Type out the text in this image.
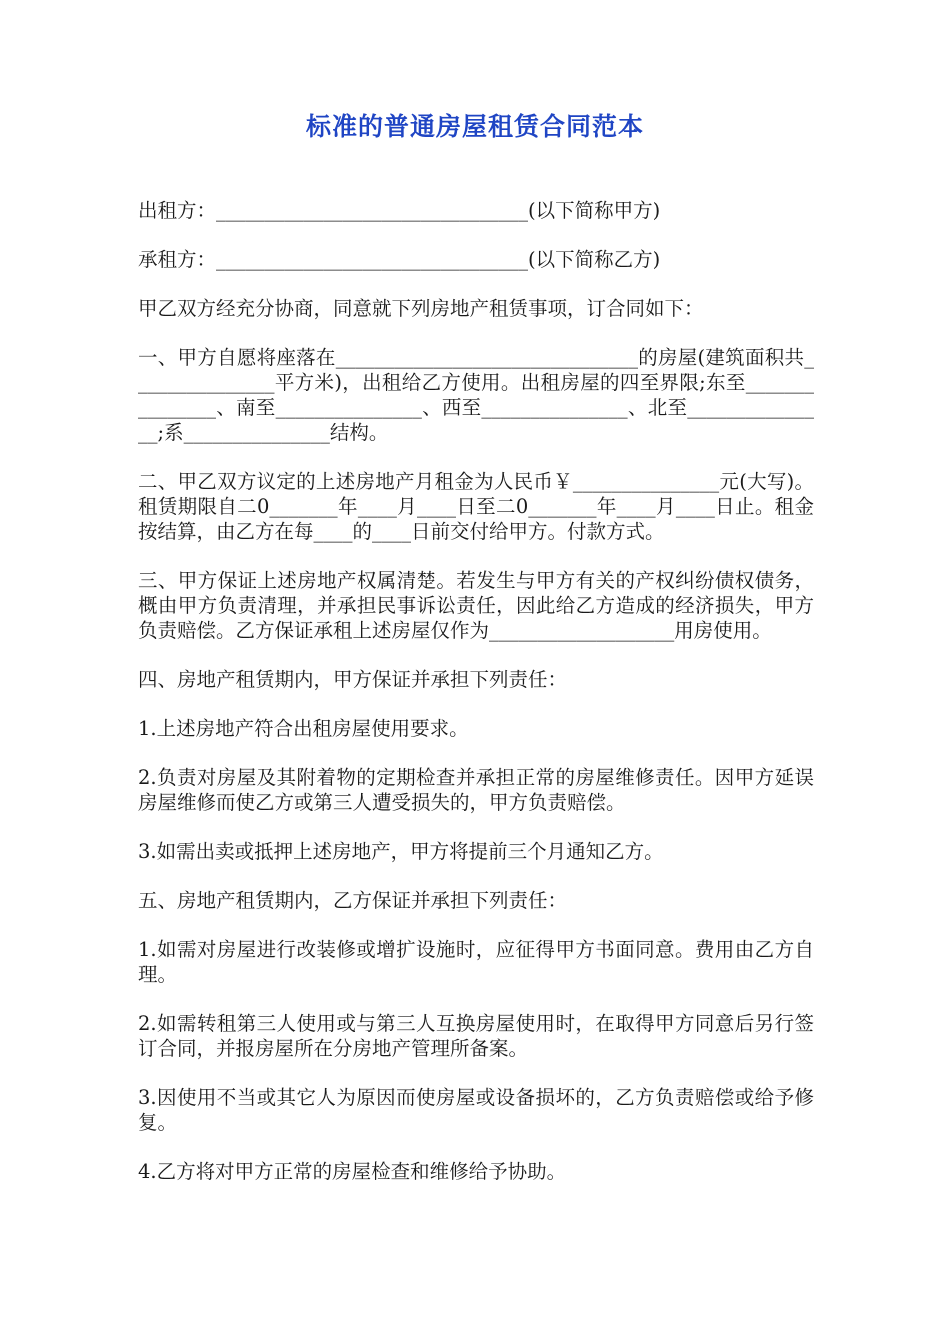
标准的普通房屋租赁合同范本

出租方：________________________________(以下简称甲方)

承租方：________________________________(以下简称乙方)

甲乙双方经充分协商，同意就下列房地产租赁事项，订合同如下：

一、甲方自愿将座落在_______________________________的房屋(建筑面积共_______________平方米)，出租给乙方使用。出租房屋的四至界限;东至_______________、南至_______________、西至_______________、北至_______________;系_______________结构。

二、甲乙双方议定的上述房地产月租金为人民币￥_______________元(大写)。租赁期限自二0_______年____月____日至二0_______年____月____日止。租金按结算，由乙方在每____的____日前交付给甲方。付款方式。

三、甲方保证上述房地产权属清楚。若发生与甲方有关的产权纠纷债权债务，概由甲方负责清理，并承担民事诉讼责任，因此给乙方造成的经济损失，甲方负责赔偿。乙方保证承租上述房屋仅作为___________________用房使用。

四、房地产租赁期内，甲方保证并承担下列责任：

1.上述房地产符合出租房屋使用要求。

2.负责对房屋及其附着物的定期检查并承担正常的房屋维修责任。因甲方延误房屋维修而使乙方或第三人遭受损失的，甲方负责赔偿。

3.如需出卖或抵押上述房地产，甲方将提前三个月通知乙方。

五、房地产租赁期内，乙方保证并承担下列责任：

1.如需对房屋进行改装修或增扩设施时，应征得甲方书面同意。费用由乙方自理。

2.如需转租第三人使用或与第三人互换房屋使用时，在取得甲方同意后另行签订合同，并报房屋所在分房地产管理所备案。

3.因使用不当或其它人为原因而使房屋或设备损坏的，乙方负责赔偿或给予修复。

4.乙方将对甲方正常的房屋检查和维修给予协助。
